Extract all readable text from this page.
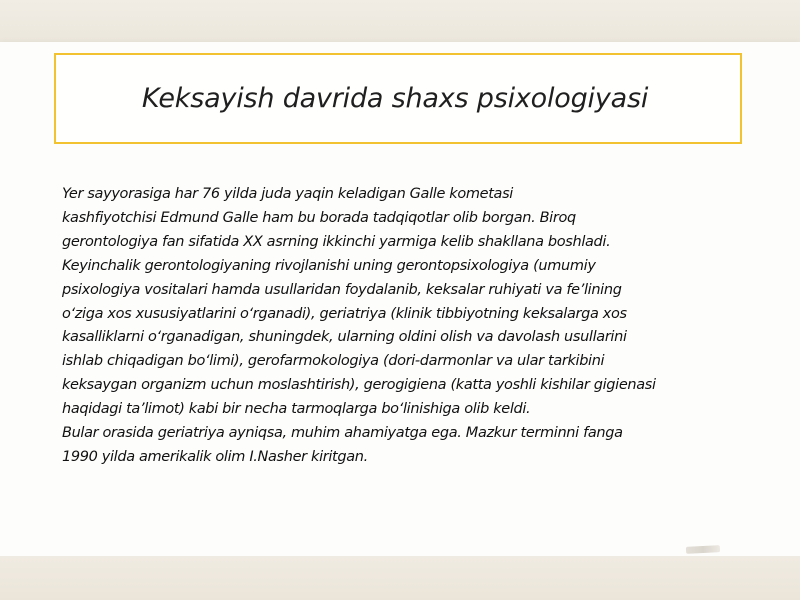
Keksayish davrida shaxs psixologiyasi
Yer sayyorasiga har 76 yilda juda yaqin keladigan Galle kometasi
kashfiyotchisi Edmund Galle ham bu borada tadqiqotlar olib borgan. Biroq
gerontologiya fan sifatida XX asrning ikkinchi yarmiga kelib shakllana boshladi.
Keyinchalik gerontologiyaning rivojlanishi uning gerontopsixologiya (umumiy
psixologiya vositalari hamda usullaridan foydalanib, keksalar ruhiyati va fe’lining
o‘ziga xos xususiyatlarini o‘rganadi), geriatriya (klinik tibbiyotning keksalarga xos
kasalliklarni o‘rganadigan, shuningdek, ularning oldini olish va davolash usullarini
ishlab chiqadigan bo‘limi), gerofarmokologiya (dori-darmonlar va ular tarkibini
keksaygan organizm uchun moslashtirish), gerogigiena (katta yoshli kishilar gigienasi
haqidagi ta’limot) kabi bir necha tarmoqlarga bo‘linishiga olib keldi.
Bular orasida geriatriya ayniqsa, muhim ahamiyatga ega. Mazkur terminni fanga
1990 yilda amerikalik olim I.Nasher kiritgan.
